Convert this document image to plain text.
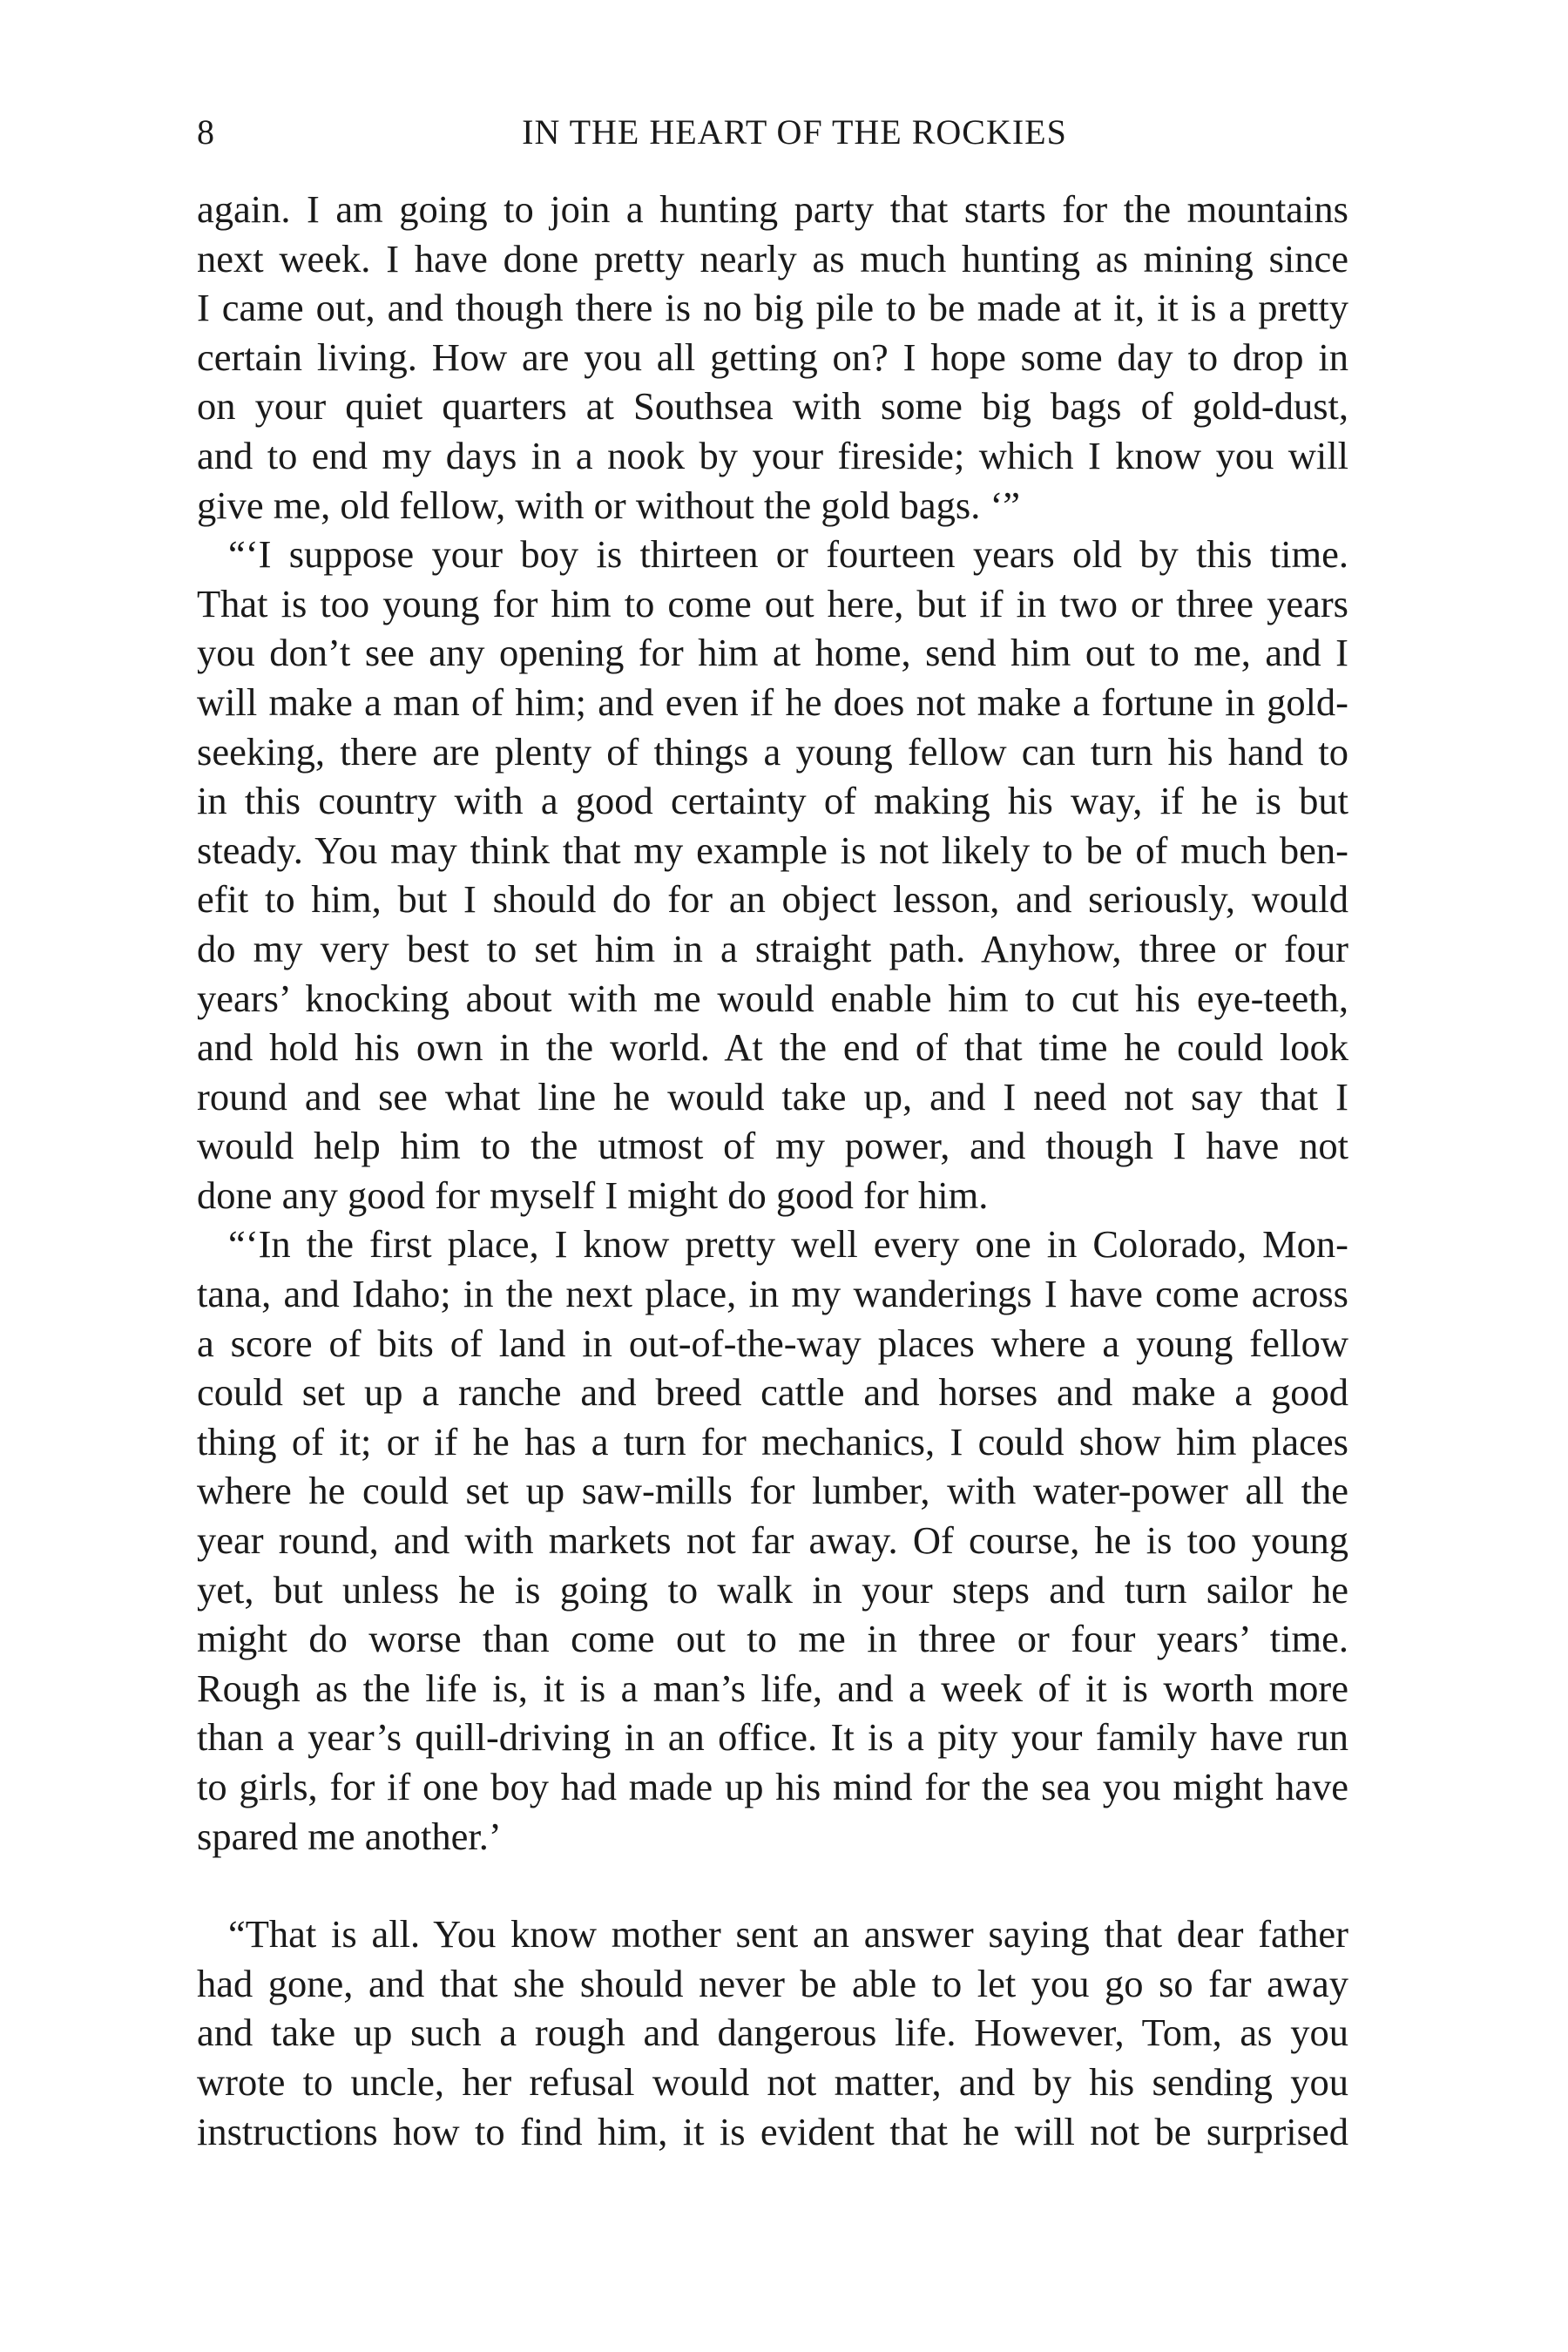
8	IN THE HEART OF THE ROCKIES
again. I am going to join a hunting party that starts for the mountains
next week. I have done pretty nearly as much hunting as mining since
I came out, and though there is no big pile to be made at it, it is a pretty
certain living. How are you all getting on? I hope some day to drop in
on your quiet quarters at Southsea with some big bags of gold-dust,
and to end my days in a nook by your fireside; which I know you will
give me, old fellow, with or without the gold bags. ‘”
“‘I suppose your boy is thirteen or fourteen years old by this time.
That is too young for him to come out here, but if in two or three years
you don’t see any opening for him at home, send him out to me, and I
will make a man of him; and even if he does not make a fortune in gold-
seeking, there are plenty of things a young fellow can turn his hand to
in this country with a good certainty of making his way, if he is but
steady. You may think that my example is not likely to be of much ben-
efit to him, but I should do for an object lesson, and seriously, would
do my very best to set him in a straight path. Anyhow, three or four
years’ knocking about with me would enable him to cut his eye-teeth,
and hold his own in the world. At the end of that time he could look
round and see what line he would take up, and I need not say that I
would help him to the utmost of my power, and though I have not
done any good for myself I might do good for him.
“‘In the first place, I know pretty well every one in Colorado, Mon-
tana, and Idaho; in the next place, in my wanderings I have come across
a score of bits of land in out-of-the-way places where a young fellow
could set up a ranche and breed cattle and horses and make a good
thing of it; or if he has a turn for mechanics, I could show him places
where he could set up saw-mills for lumber, with water-power all the
year round, and with markets not far away. Of course, he is too young
yet, but unless he is going to walk in your steps and turn sailor he
might do worse than come out to me in three or four years’ time.
Rough as the life is, it is a man’s life, and a week of it is worth more
than a year’s quill-driving in an office. It is a pity your family have run
to girls, for if one boy had made up his mind for the sea you might have
spared me another.’
“That is all. You know mother sent an answer saying that dear father
had gone, and that she should never be able to let you go so far away
and take up such a rough and dangerous life. However, Tom, as you
wrote to uncle, her refusal would not matter, and by his sending you
instructions how to find him, it is evident that he will not be surprised
